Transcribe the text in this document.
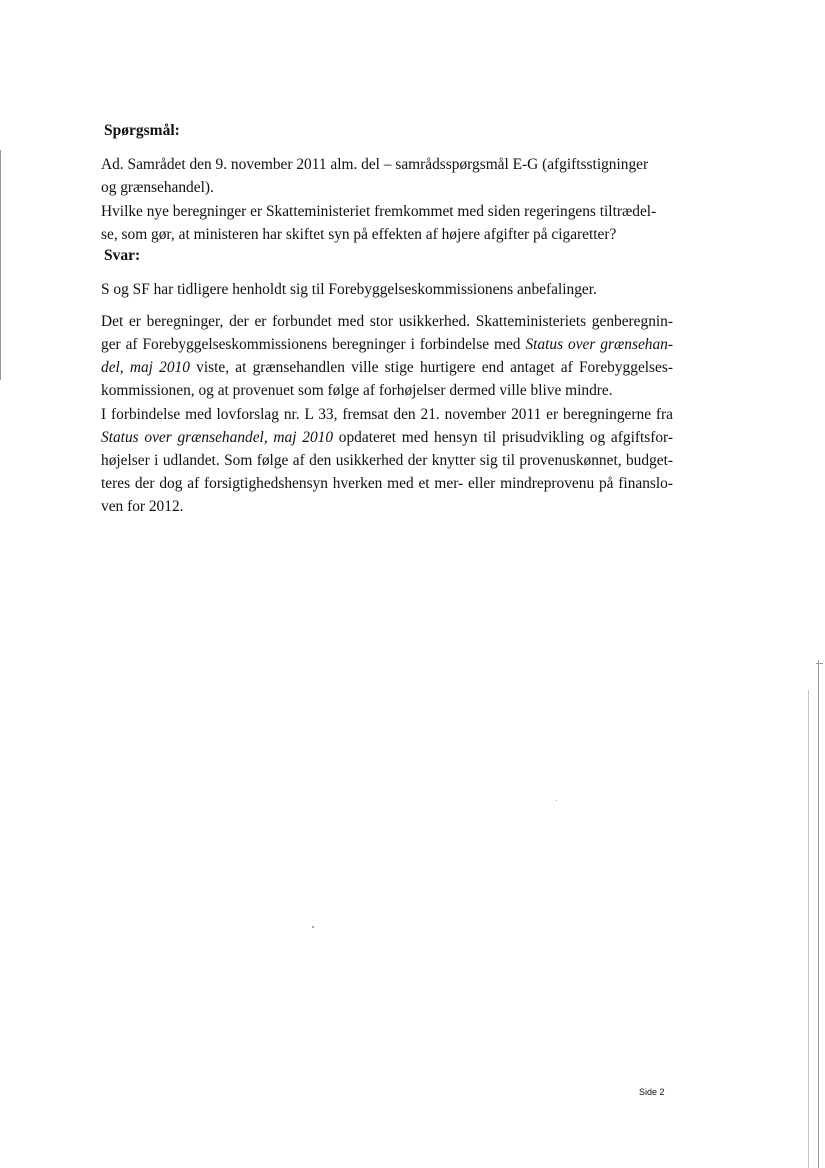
Spørgsmål:
Ad. Samrådet den 9. november 2011 alm. del – samrådsspørgsmål E-G (afgiftsstigninger
og grænsehandel).
Hvilke nye beregninger er Skatteministeriet fremkommet med siden regeringens tiltrædel-
se, som gør, at ministeren har skiftet syn på effekten af højere afgifter på cigaretter?
Svar:
S og SF har tidligere henholdt sig til Forebyggelseskommissionens anbefalinger.
Det er beregninger, der er forbundet med stor usikkerhed. Skatteministeriets genberegnin-
ger af Forebyggelseskommissionens beregninger i forbindelse med Status over grænsehan-
del, maj 2010 viste, at grænsehandlen ville stige hurtigere end antaget af Forebyggelses-
kommissionen, og at provenuet som følge af forhøjelser dermed ville blive mindre.
I forbindelse med lovforslag nr. L 33, fremsat den 21. november 2011 er beregningerne fra
Status over grænsehandel, maj 2010 opdateret med hensyn til prisudvikling og afgiftsfor-
højelser i udlandet. Som følge af den usikkerhed der knytter sig til provenuskønnet, budget-
teres der dog af forsigtighedshensyn hverken med et mer- eller mindreprovenu på finanslo-
ven for 2012.
Side 2
